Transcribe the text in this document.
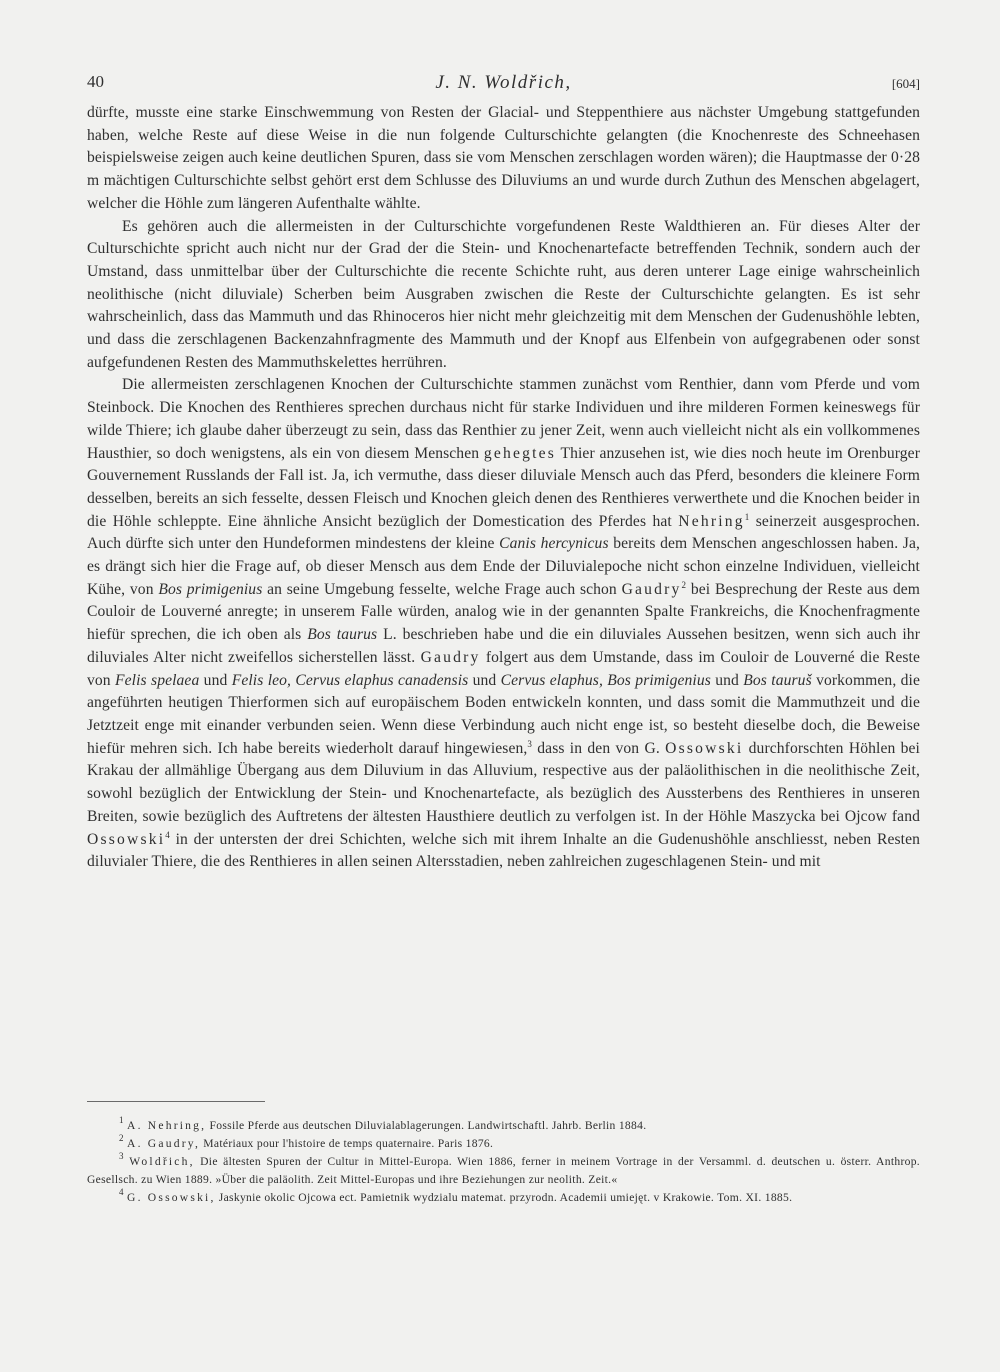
40	J. N. Woldřich,	[604]

dürfte, musste eine starke Einschwemmung von Resten der Glacial- und Steppenthiere aus nächster Umgebung stattgefunden haben, welche Reste auf diese Weise in die nun folgende Culturschichte gelangten (die Knochenreste des Schneehasen beispielsweise zeigen auch keine deutlichen Spuren, dass sie vom Menschen zerschlagen worden wären); die Hauptmasse der 0·28 m mächtigen Culturschichte selbst gehört erst dem Schlusse des Diluviums an und wurde durch Zuthun des Menschen abgelagert, welcher die Höhle zum längeren Aufenthalte wählte.

Es gehören auch die allermeisten in der Culturschichte vorgefundenen Reste Waldthieren an. Für dieses Alter der Culturschichte spricht auch nicht nur der Grad der die Stein- und Knochenartefacte betreffenden Technik, sondern auch der Umstand, dass unmittelbar über der Culturschichte die recente Schichte ruht, aus deren unterer Lage einige wahrscheinlich neolithische (nicht diluviale) Scherben beim Ausgraben zwischen die Reste der Culturschichte gelangten. Es ist sehr wahrscheinlich, dass das Mammuth und das Rhinoceros hier nicht mehr gleichzeitig mit dem Menschen der Gudenushöhle lebten, und dass die zerschlagenen Backenzahnfragmente des Mammuth und der Knopf aus Elfenbein von aufgegrabenen oder sonst aufgefundenen Resten des Mammuthskelettes herrühren.

Die allermeisten zerschlagenen Knochen der Culturschichte stammen zunächst vom Renthier, dann vom Pferde und vom Steinbock. Die Knochen des Renthieres sprechen durchaus nicht für starke Individuen und ihre milderen Formen keineswegs für wilde Thiere; ich glaube daher überzeugt zu sein, dass das Renthier zu jener Zeit, wenn auch vielleicht nicht als ein vollkommenes Hausthier, so doch wenigstens, als ein von diesem Menschen gehegtes Thier anzusehen ist, wie dies noch heute im Orenburger Gouvernement Russlands der Fall ist. Ja, ich vermuthe, dass dieser diluviale Mensch auch das Pferd, besonders die kleinere Form desselben, bereits an sich fesselte, dessen Fleisch und Knochen gleich denen des Renthieres verwerthete und die Knochen beider in die Höhle schleppte. Eine ähnliche Ansicht bezüglich der Domestication des Pferdes hat Nehring$^1$ seinerzeit ausgesprochen. Auch dürfte sich unter den Hundeformen mindestens der kleine Canis hercynicus bereits dem Menschen angeschlossen haben. Ja, es drängt sich hier die Frage auf, ob dieser Mensch aus dem Ende der Diluvialepoche nicht schon einzelne Individuen, vielleicht Kühe, von Bos primigenius an seine Umgebung fesselte, welche Frage auch schon Gaudry$^2$ bei Besprechung der Reste aus dem Couloir de Louverné anregte; in unserem Falle würden, analog wie in der genannten Spalte Frankreichs, die Knochenfragmente hiefür sprechen, die ich oben als Bos taurus L. beschrieben habe und die ein diluviales Aussehen besitzen, wenn sich auch ihr diluviales Alter nicht zweifellos sicherstellen lässt. Gaudry folgert aus dem Umstande, dass im Couloir de Louverné die Reste von Felis spelaea und Felis leo, Cervus elaphus canadensis und Cervus elaphus, Bos primigenius und Bos tauruš vorkommen, die angeführten heutigen Thierformen sich auf europäischem Boden entwickeln konnten, und dass somit die Mammuthzeit und die Jetztzeit enge mit einander verbunden seien. Wenn diese Verbindung auch nicht enge ist, so besteht dieselbe doch, die Beweise hiefür mehren sich. Ich habe bereits wiederholt darauf hingewiesen,$^3$ dass in den von G. Ossowski durchforschten Höhlen bei Krakau der allmählige Übergang aus dem Diluvium in das Alluvium, respective aus der paläolithischen in die neolithische Zeit, sowohl bezüglich der Entwicklung der Stein- und Knochenartefacte, als bezüglich des Aussterbens des Renthieres in unseren Breiten, sowie bezüglich des Auftretens der ältesten Hausthiere deutlich zu verfolgen ist. In der Höhle Maszycka bei Ojcow fand Ossowski$^4$ in der untersten der drei Schichten, welche sich mit ihrem Inhalte an die Gudenushöhle anschliesst, neben Resten diluvialer Thiere, die des Renthieres in allen seinen Altersstadien, neben zahlreichen zugeschlagenen Stein- und mit

$^1$ A. Nehring, Fossile Pferde aus deutschen Diluvialablagerungen. Landwirtschaftl. Jahrb. Berlin 1884.

$^2$ A. Gaudry, Matériaux pour l'histoire de temps quaternaire. Paris 1876.

$^3$ Woldřich, Die ältesten Spuren der Cultur in Mittel-Europa. Wien 1886, ferner in meinem Vortrage in der Versamml. d. deutschen u. österr. Anthrop. Gesellsch. zu Wien 1889. »Über die paläolith. Zeit Mittel-Europas und ihre Beziehungen zur neolith. Zeit.«

$^4$ G. Ossowski, Jaskynie okolic Ojcowa ect. Pamietnik wydzialu matemat. przyrodn. Academii umiejęt. v Krakowie. Tom. XI. 1885.
